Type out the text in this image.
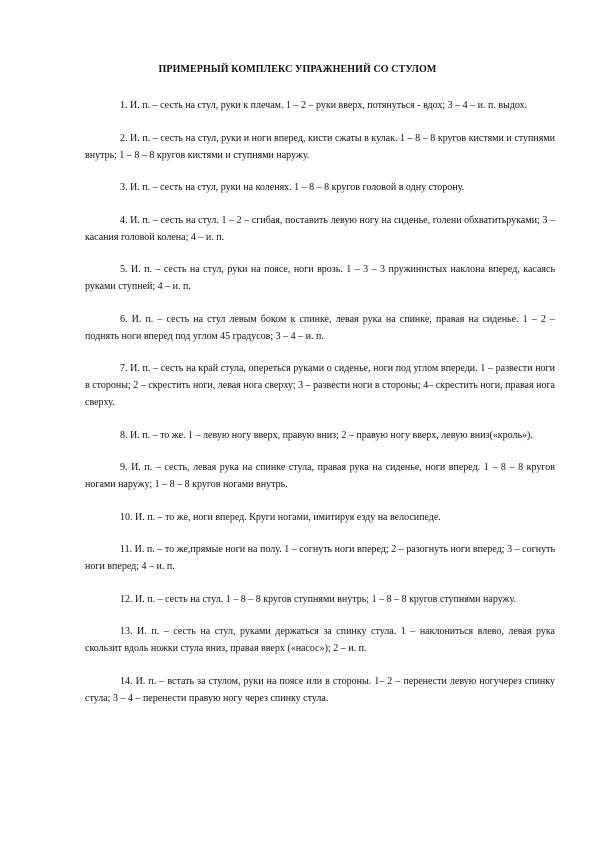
ПРИМЕРНЫЙ КОМПЛЕКС УПРАЖНЕНИЙ СО СТУЛОМ

1. И. п. – сесть на стул, руки к плечам. 1 – 2 – руки вверх, потянуться - вдох; 3 – 4 – и. п. выдох.

2. И. п. – сесть на стул, руки и ноги вперед, кисти сжаты в кулак. 1 – 8 – 8 кругов кистями и ступнями внутрь; 1 – 8 – 8 кругов кистями и ступнями наружу.

3. И. п. – сесть на стул, руки на коленях. 1 – 8 – 8 кругов головой в одну сторону.

4. И. п. – сесть на стул. 1 – 2 – сгибая, поставить левую ногу на сиденье, голени обхватитьруками; 3 – касания головой колена; 4 – и. п.

5. И. п. – сесть на стул, руки на поясе, ноги врозь. 1 – 3 – 3 пружинистых наклона вперед, касаясь руками ступней; 4 – и. п.

6. И. п. – сесть на стул левым боком к спинке, левая рука на спинке, правая на сиденье. 1 – 2 – поднять ноги вперед под углом 45 градусов; 3 – 4 – и. п.

7. И. п. – сесть на край стула, опереться руками о сиденье, ноги под углом впереди. 1 – развести ноги в стороны; 2 – скрестить ноги, левая нога сверху; 3 – развести ноги в стороны; 4– скрестить ноги, правая нога сверху.

8. И. п. – то же. 1 – левую ногу вверх, правую вниз; 2 – правую ногу вверх, левую вниз(«кроль»).

9. И. п. – сесть, левая рука на спинке стула, правая рука на сиденье, ноги вперед. 1 – 8 – 8 кругов ногами наружу; 1 – 8 – 8 кругов ногами внутрь.

10. И. п. – то же, ноги вперед. Круги ногами, имитируя езду на велосипеде.

11. И. п. – то же,прямые ноги на полу. 1 – согнуть ноги вперед; 2 – разогнуть ноги вперед; 3 – согнуть ноги вперед; 4 – и. п.

12. И. п. – сесть на стул. 1 – 8 – 8 кругов ступнями внутрь; 1 – 8 – 8 кругов ступнями наружу.

13. И. п. – сесть на стул, руками держаться за спинку стула. 1 – наклониться влево, левая рука скользит вдоль ножки стула вниз, правая вверх («насос»); 2 – и. п.

14. И. п. – встать за стулом, руки на поясе или в стороны. 1– 2 – перенести левую ногучерез спинку стула; 3 – 4 – перенести правую ногу через спинку стула.
